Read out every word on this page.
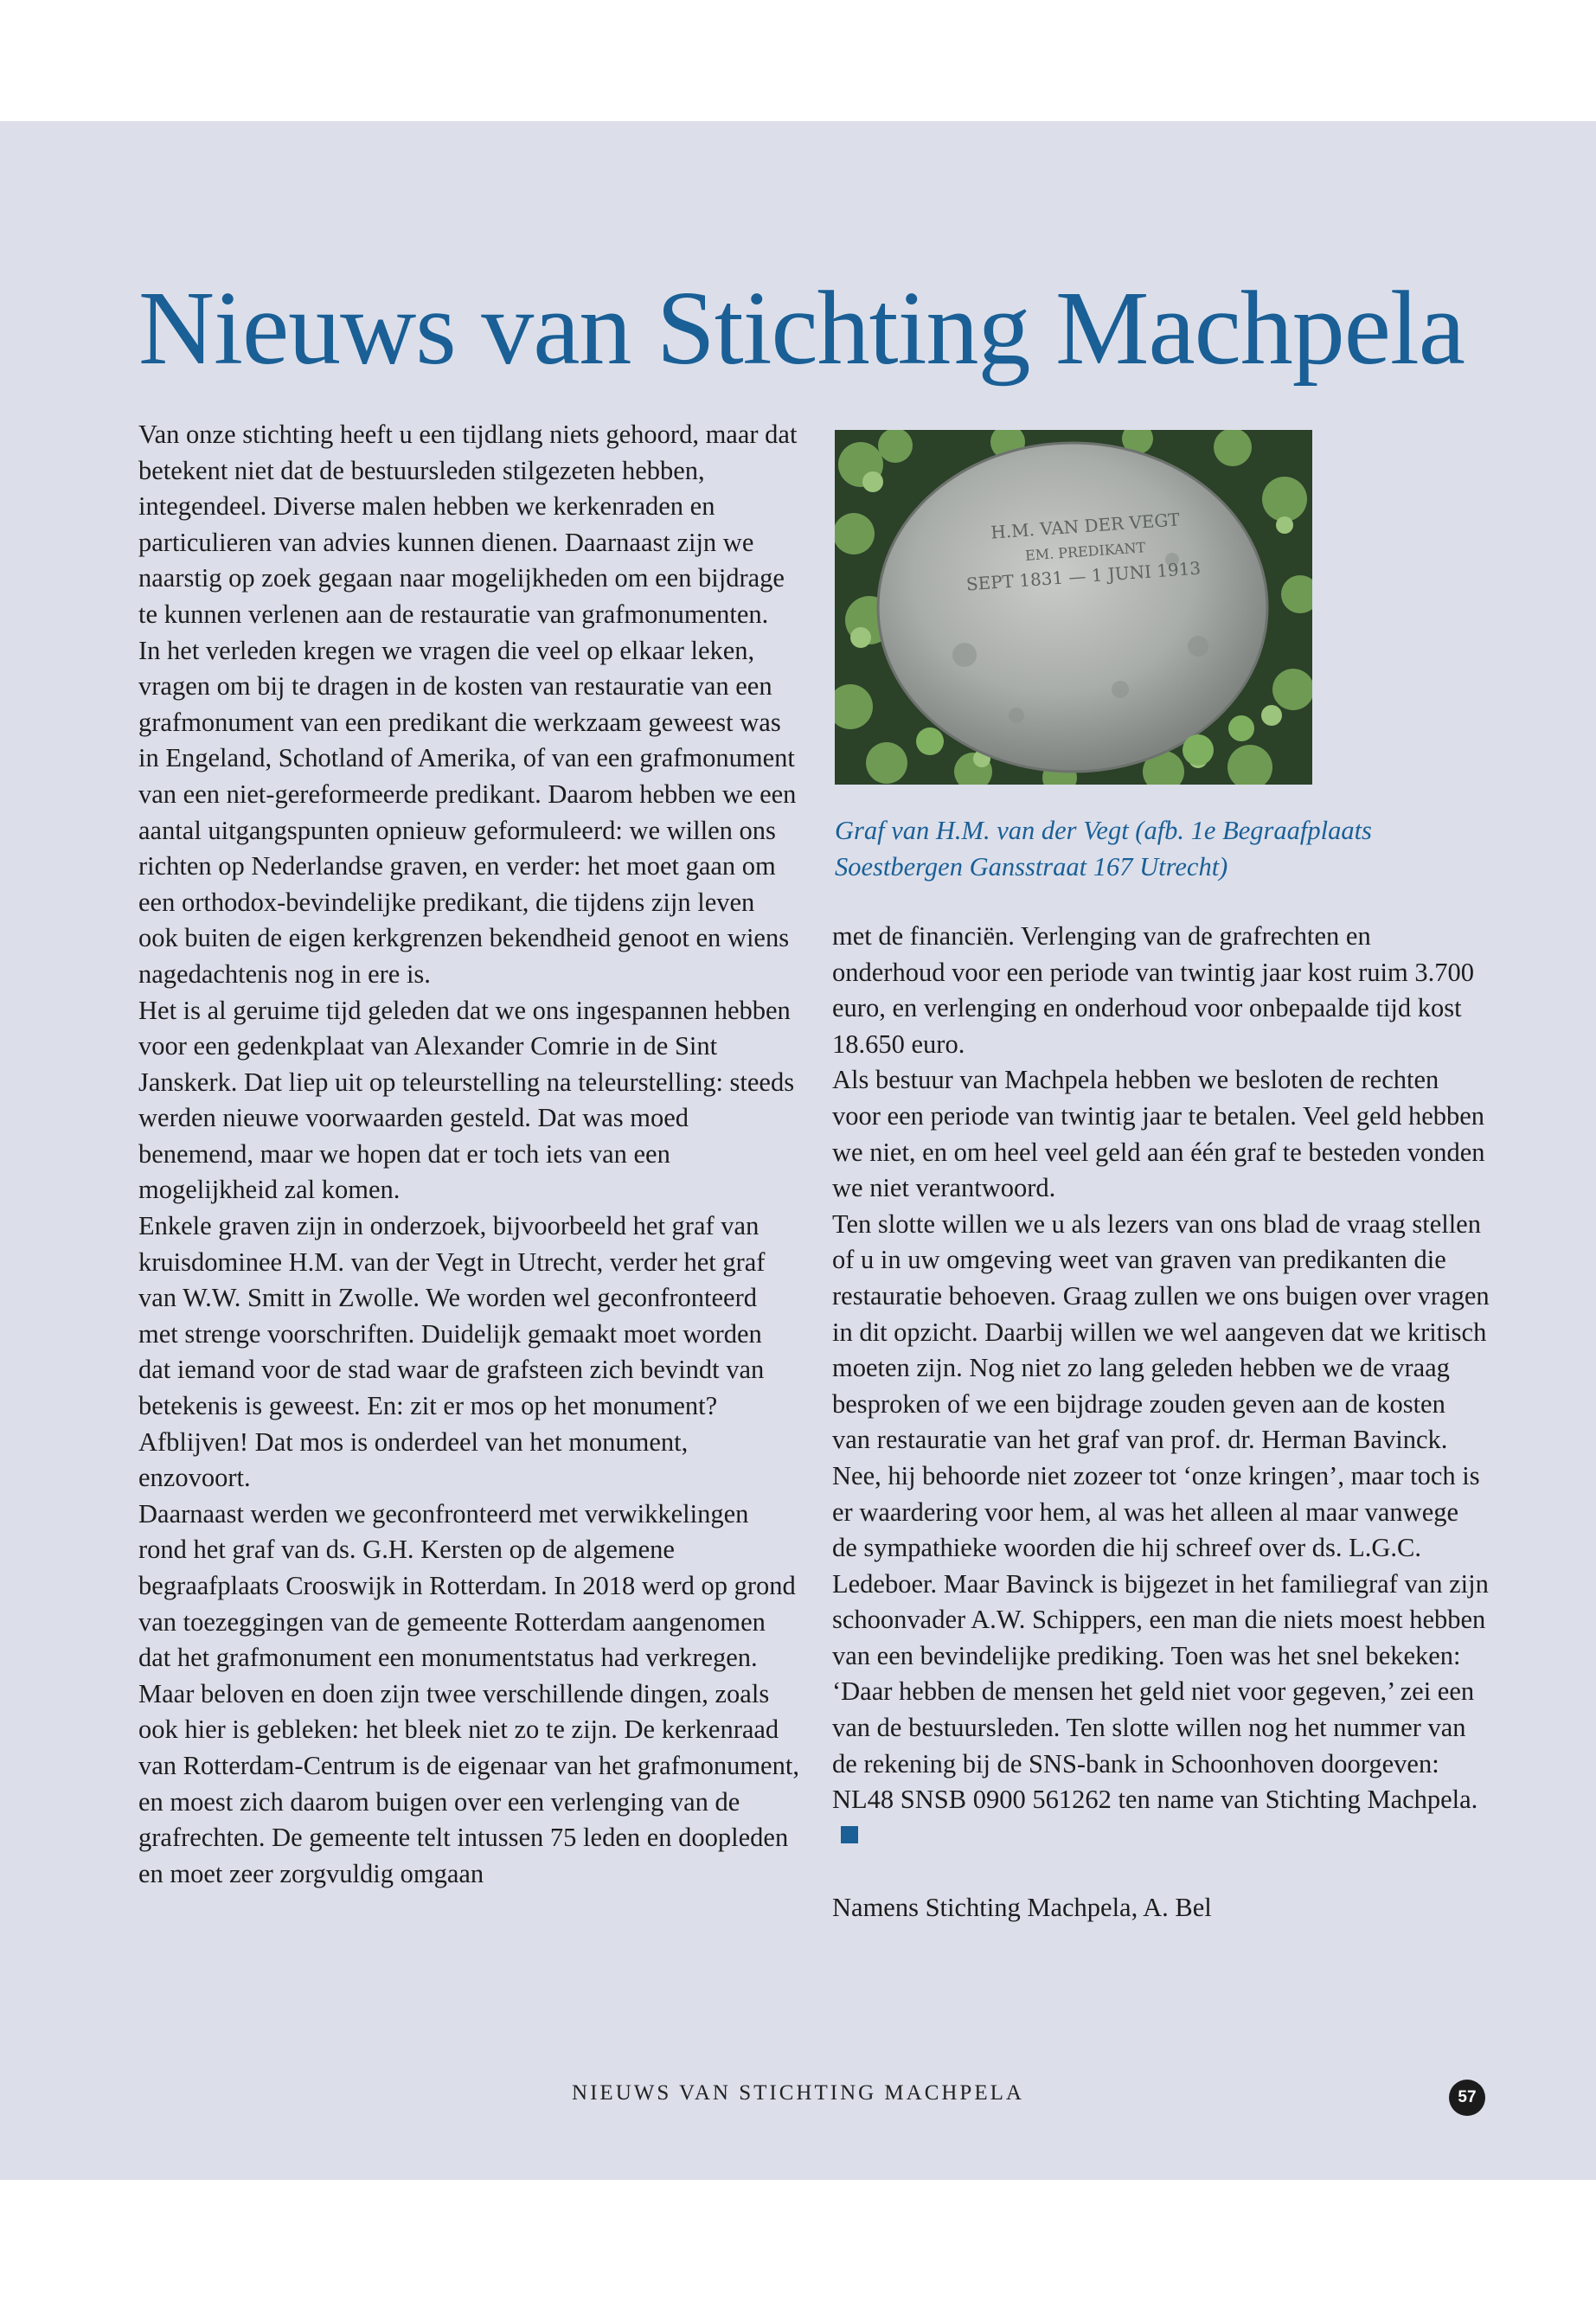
Nieuws van Stichting Machpela

Van onze stichting heeft u een tijdlang niets gehoord, maar dat betekent niet dat de bestuursleden stilgezeten hebben, integendeel. Diverse malen hebben we kerkenraden en particulieren van advies kunnen dienen. Daarnaast zijn we naarstig op zoek gegaan naar mogelijkheden om een bijdrage te kunnen verlenen aan de restauratie van grafmonumenten.

In het verleden kregen we vragen die veel op elkaar leken, vragen om bij te dragen in de kosten van restauratie van een grafmonument van een predikant die werkzaam geweest was in Engeland, Schotland of Amerika, of van een grafmonument van een niet-gereformeerde predikant. Daarom hebben we een aantal uitgangspunten opnieuw geformuleerd: we willen ons richten op Nederlandse graven, en verder: het moet gaan om een orthodox-bevindelijke predikant, die tijdens zijn leven ook buiten de eigen kerkgrenzen bekendheid genoot en wiens nagedachtenis nog in ere is.

Het is al geruime tijd geleden dat we ons ingespannen hebben voor een gedenkplaat van Alexander Comrie in de Sint Janskerk. Dat liep uit op teleurstelling na teleurstelling: steeds werden nieuwe voorwaarden gesteld. Dat was moed benemend, maar we hopen dat er toch iets van een mogelijkheid zal komen.

Enkele graven zijn in onderzoek, bijvoorbeeld het graf van kruisdominee H.M. van der Vegt in Utrecht, verder het graf van W.W. Smitt in Zwolle. We worden wel geconfronteerd met strenge voorschriften. Duidelijk gemaakt moet worden dat iemand voor de stad waar de grafsteen zich bevindt van betekenis is geweest. En: zit er mos op het monument? Afblijven! Dat mos is onderdeel van het monument, enzovoort.

Daarnaast werden we geconfronteerd met verwikkelingen rond het graf van ds. G.H. Kersten op de algemene begraafplaats Crooswijk in Rotterdam. In 2018 werd op grond van toezeggingen van de gemeente Rotterdam aangenomen dat het grafmonument een monumentstatus had verkregen. Maar beloven en doen zijn twee verschillende dingen, zoals ook hier is gebleken: het bleek niet zo te zijn. De kerkenraad van Rotterdam-Centrum is de eigenaar van het grafmonument, en moest zich daarom buigen over een verlenging van de grafrechten. De gemeente telt intussen 75 leden en doopleden en moet zeer zorgvuldig omgaan

H.M. VAN DER VEGT
EM. PREDIKANT
SEPT 1831 — 1 JUNI 1913

Graf van H.M. van der Vegt (afb. 1e Begraafplaats

Soestbergen Gansstraat 167 Utrecht)

met de financiën. Verlenging van de grafrechten en onderhoud voor een periode van twintig jaar kost ruim 3.700 euro, en verlenging en onderhoud voor onbepaalde tijd kost 18.650 euro.

Als bestuur van Machpela hebben we besloten de rechten voor een periode van twintig jaar te betalen. Veel geld hebben we niet, en om heel veel geld aan één graf te besteden vonden we niet verantwoord.

Ten slotte willen we u als lezers van ons blad de vraag stellen of u in uw omgeving weet van graven van predikanten die restauratie behoeven. Graag zullen we ons buigen over vragen in dit opzicht. Daarbij willen we wel aangeven dat we kritisch moeten zijn. Nog niet zo lang geleden hebben we de vraag besproken of we een bijdrage zouden geven aan de kosten van restauratie van het graf van prof. dr. Herman Bavinck. Nee, hij behoorde niet zozeer tot ‘onze kringen’, maar toch is er waardering voor hem, al was het alleen al maar vanwege de sympathieke woorden die hij schreef over ds. L.G.C. Ledeboer. Maar Bavinck is bijgezet in het familiegraf van zijn schoonvader A.W. Schippers, een man die niets moest hebben van een bevindelijke prediking. Toen was het snel bekeken: ‘Daar hebben de mensen het geld niet voor gegeven,’ zei een van de bestuursleden. Ten slotte willen nog het nummer van de rekening bij de SNS-bank in Schoonhoven doorgeven: NL48 SNSB 0900 561262 ten name van Stichting Machpela.

Namens Stichting Machpela, A. Bel

NIEUWS VAN STICHTING MACHPELA	57
